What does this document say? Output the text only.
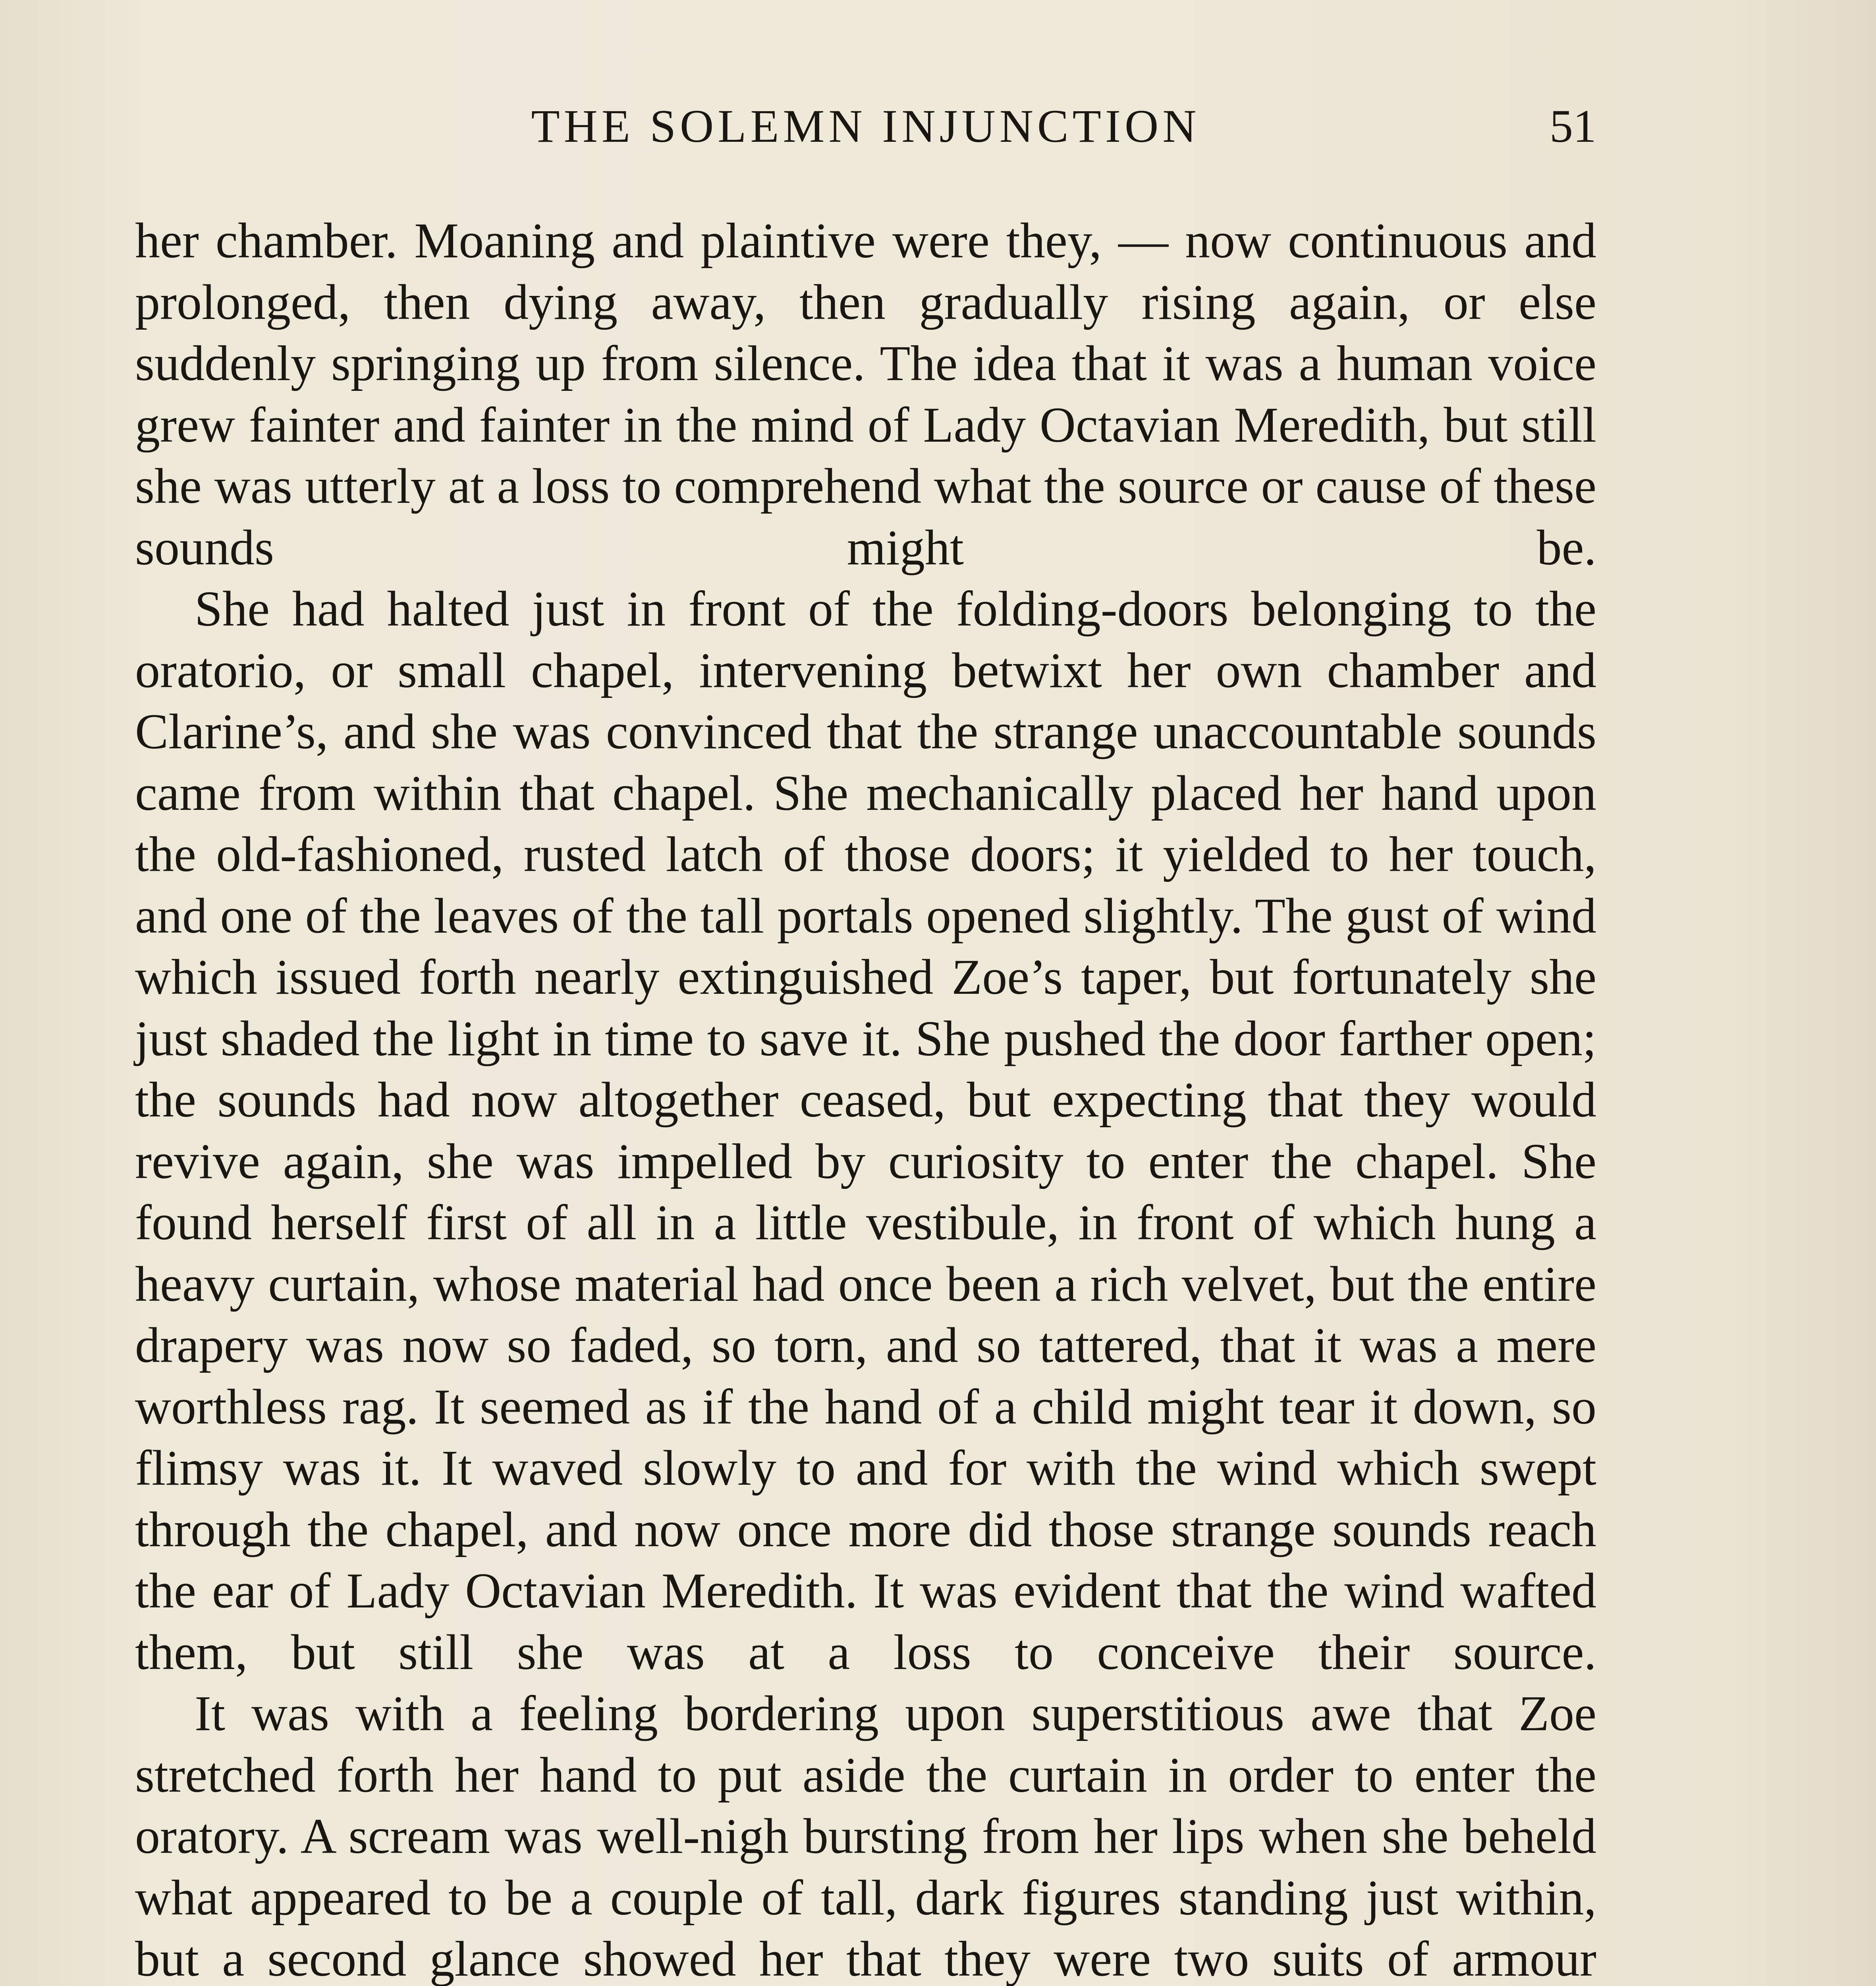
THE SOLEMN INJUNCTION	51

her chamber. Moaning and plaintive were they, — now continuous and prolonged, then dying away, then gradually rising again, or else suddenly springing up from silence. The idea that it was a human voice grew fainter and fainter in the mind of Lady Octavian Meredith, but still she was utterly at a loss to comprehend what the source or cause of these sounds might be.

She had halted just in front of the folding-doors belonging to the oratorio, or small chapel, intervening betwixt her own chamber and Clarine’s, and she was convinced that the strange unaccountable sounds came from within that chapel. She mechanically placed her hand upon the old-fashioned, rusted latch of those doors; it yielded to her touch, and one of the leaves of the tall portals opened slightly. The gust of wind which issued forth nearly extinguished Zoe’s taper, but fortunately she just shaded the light in time to save it. She pushed the door farther open; the sounds had now altogether ceased, but expecting that they would revive again, she was impelled by curiosity to enter the chapel. She found herself first of all in a little vestibule, in front of which hung a heavy curtain, whose material had once been a rich velvet, but the entire drapery was now so faded, so torn, and so tattered, that it was a mere worthless rag. It seemed as if the hand of a child might tear it down, so flimsy was it. It waved slowly to and for with the wind which swept through the chapel, and now once more did those strange sounds reach the ear of Lady Octavian Meredith. It was evident that the wind wafted them, but still she was at a loss to conceive their source.

It was with a feeling bordering upon superstitious awe that Zoe stretched forth her hand to put aside the curtain in order to enter the oratory. A scream was well-nigh bursting from her lips when she beheld what appeared to be a couple of tall, dark figures standing just within, but a second glance showed her that they were two suits of armour
